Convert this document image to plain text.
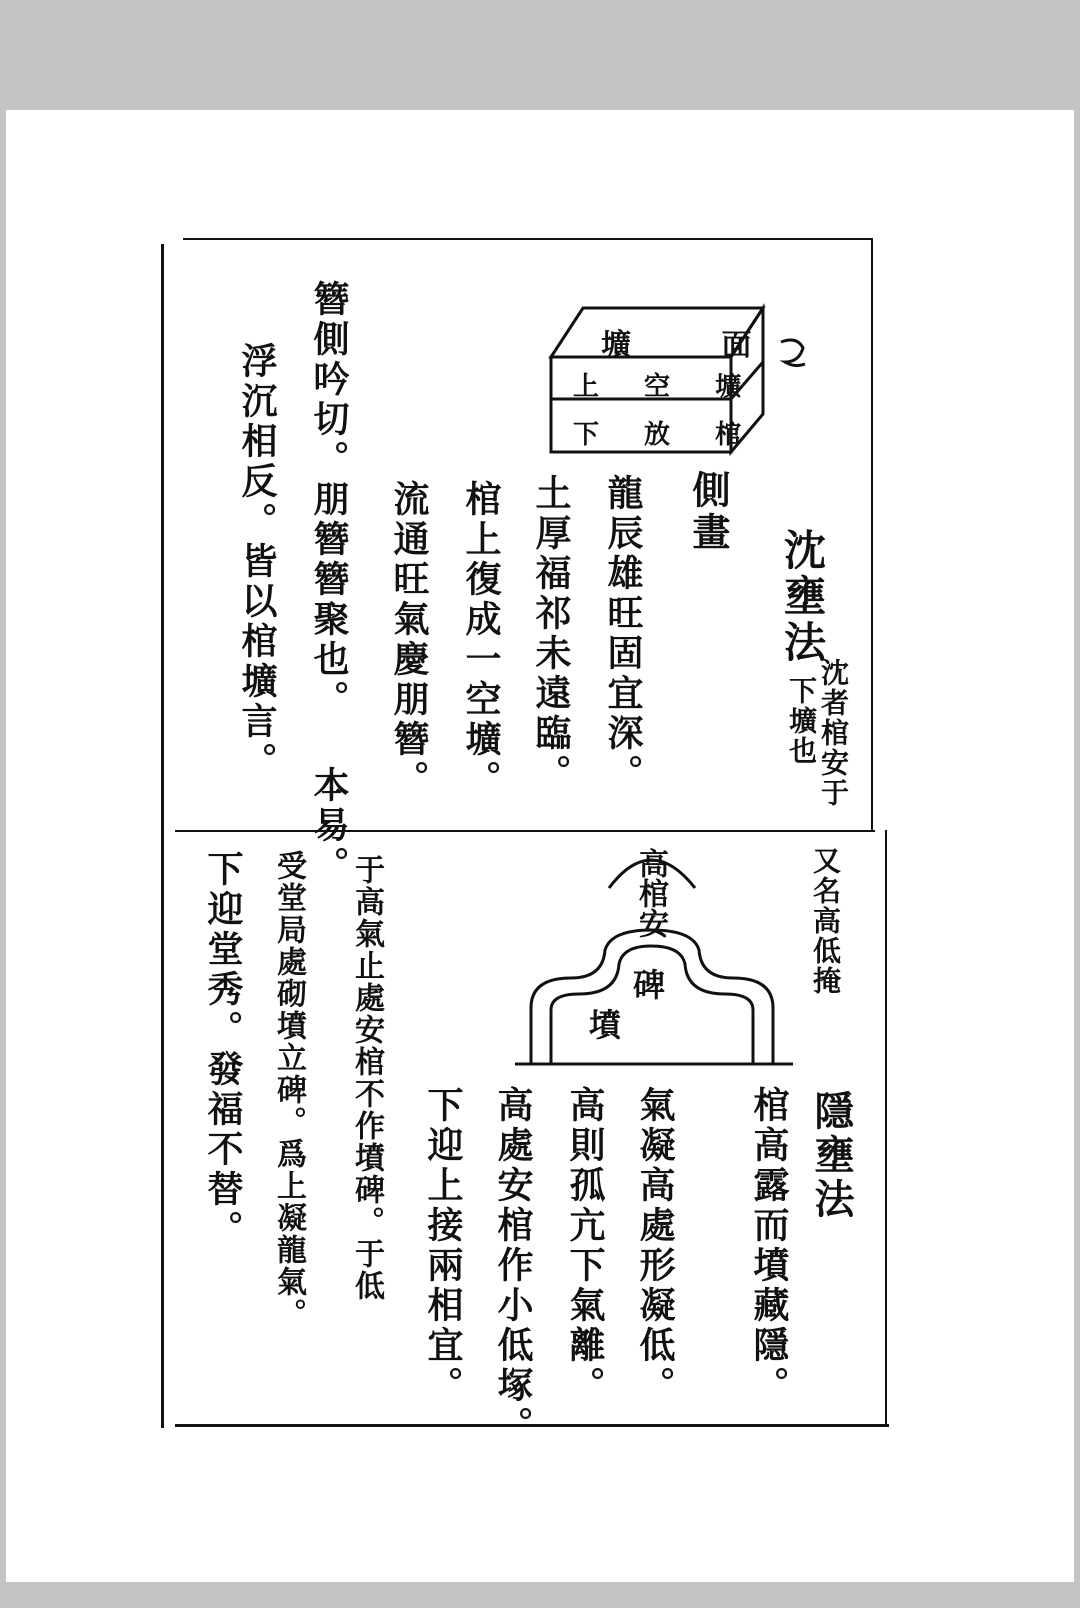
沈壅法
沈者棺安于
下壙也
側畫
壙 面
上 空 壙
下 放 棺
龍辰雄旺固宜深。
土厚福祁未遠臨。
棺上復成一空壙。
流通旺氣慶朋簪。
簪側吟切。朋簪簪聚也。 本易。
浮沉相反。皆以棺壙言。
又名高低掩
隱壅法
高棺安
碑
墳
棺高露而墳藏隱。
氣凝高處形凝低。
高則孤亢下氣離。
高處安棺作小低塚。
下迎上接兩相宜。
于高氣止處安棺不作墳碑。于低
受堂局處砌墳立碑。爲上凝龍氣。
下迎堂秀。發福不替。
